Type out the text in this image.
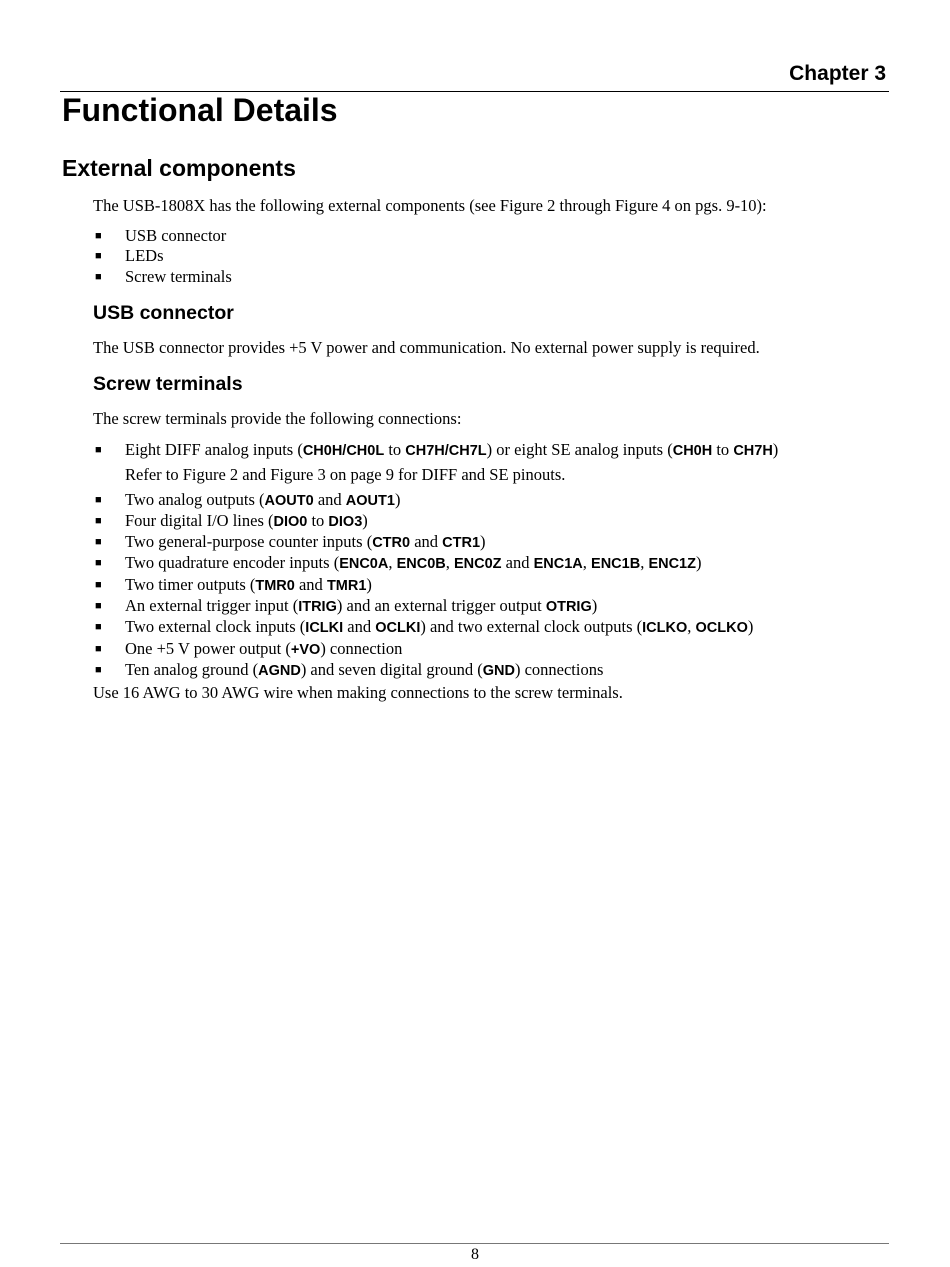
Chapter 3
Functional Details
External components

The USB-1808X has the following external components (see Figure 2 through Figure 4 on pgs. 9-10):

■ USB connector
■ LEDs
■ Screw terminals
USB connector

The USB connector provides +5 V power and communication. No external power supply is required.

Screw terminals

The screw terminals provide the following connections:

■ Eight DIFF analog inputs (CH0H/CH0L to CH7H/CH7L) or eight SE analog inputs (CH0H to CH7H)
Refer to Figure 2 and Figure 3 on page 9 for DIFF and SE pinouts.
■ Two analog outputs (AOUT0 and AOUT1)
■ Four digital I/O lines (DIO0 to DIO3)
■ Two general-purpose counter inputs (CTR0 and CTR1)
■ Two quadrature encoder inputs (ENC0A, ENC0B, ENC0Z and ENC1A, ENC1B, ENC1Z)
■ Two timer outputs (TMR0 and TMR1)
■ An external trigger input (ITRIG) and an external trigger output OTRIG)
■ Two external clock inputs (ICLKI and OCLKI) and two external clock outputs (ICLKO, OCLKO)
■ One +5 V power output (+VO) connection
■ Ten analog ground (AGND) and seven digital ground (GND) connections

Use 16 AWG to 30 AWG wire when making connections to the screw terminals.

8
